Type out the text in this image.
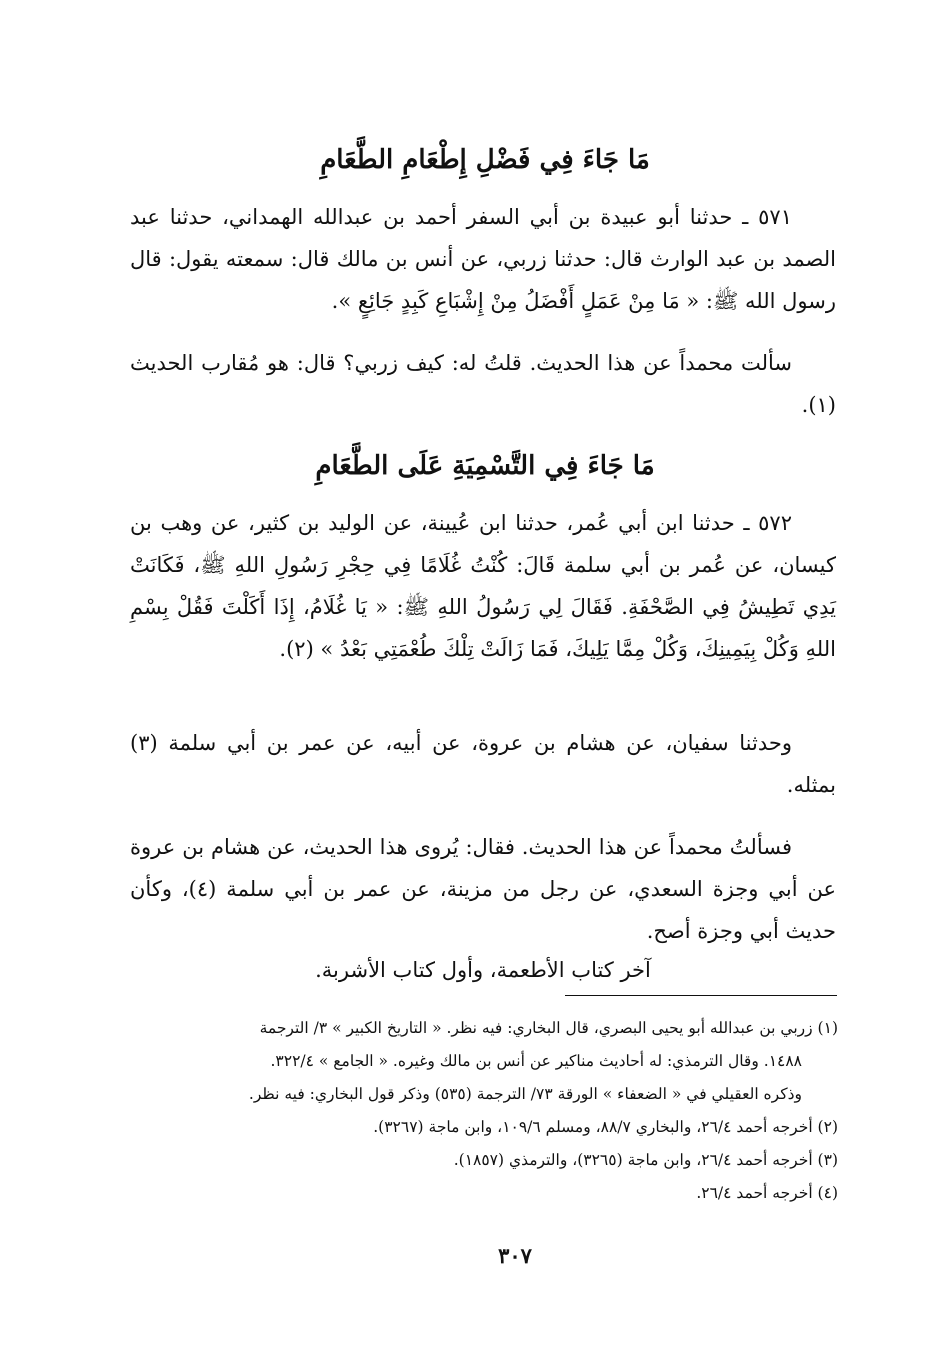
مَا جَاءَ فِي فَضْلِ إِطْعَامِ الطَّعَامِ
٥٧١ ـ حدثنا أبو عبيدة بن أبي السفر أحمد بن عبدالله الهمداني، حدثنا عبد الصمد بن عبد الوارث قال: حدثنا زربي، عن أنس بن مالك قال: سمعته يقول: قال رسول الله ﷺ: « مَا مِنْ عَمَلٍ أَفْضَلُ مِنْ إِشْبَاعِ كَبِدٍ جَائِعٍ ».
سألت محمداً عن هذا الحديث. قلتُ له: كيف زربي؟ قال: هو مُقارب الحديث (١).
مَا جَاءَ فِي التَّسْمِيَةِ عَلَى الطَّعَامِ
٥٧٢ ـ حدثنا ابن أبي عُمر، حدثنا ابن عُيينة، عن الوليد بن كثير، عن وهب بن كيسان، عن عُمر بن أبي سلمة قَالَ: كُنْتُ غُلَامًا فِي حِجْرِ رَسُولِ اللهِ ﷺ، فَكَانَتْ يَدِي تَطِيشُ فِي الصَّحْفَةِ. فَقَالَ لِي رَسُولُ اللهِ ﷺ: « يَا غُلَامُ، إِذَا أَكَلْتَ فَقُلْ بِسْمِ اللهِ وَكُلْ بِيَمِينِكَ، وَكُلْ مِمَّا يَلِيكَ، فَمَا زَالَتْ تِلْكَ طُعْمَتِي بَعْدُ » (٢).
وحدثنا سفيان، عن هشام بن عروة، عن أبيه، عن عمر بن أبي سلمة (٣) بمثله.
فسألتُ محمداً عن هذا الحديث. فقال: يُروى هذا الحديث، عن هشام بن عروة عن أبي وجزة السعدي، عن رجل من مزينة، عن عمر بن أبي سلمة (٤)، وكأن حديث أبي وجزة أصح.
آخر كتاب الأطعمة، وأول كتاب الأشربة.

(١) زربي بن عبدالله أبو يحيى البصري، قال البخاري: فيه نظر. « التاريخ الكبير » ٣/ الترجمة

١٤٨٨. وقال الترمذي: له أحاديث مناكير عن أنس بن مالك وغيره. « الجامع » ٣٢٢/٤.

وذكره العقيلي في « الضعفاء » الورقة ٧٣/ الترجمة (٥٣٥) وذكر قول البخاري: فيه نظر.

(٢) أخرجه أحمد ٢٦/٤، والبخاري ٨٨/٧، ومسلم ١٠٩/٦، وابن ماجة (٣٢٦٧).

(٣) أخرجه أحمد ٢٦/٤، وابن ماجة (٣٢٦٥)، والترمذي (١٨٥٧).

(٤) أخرجه أحمد ٢٦/٤.

٣٠٧
